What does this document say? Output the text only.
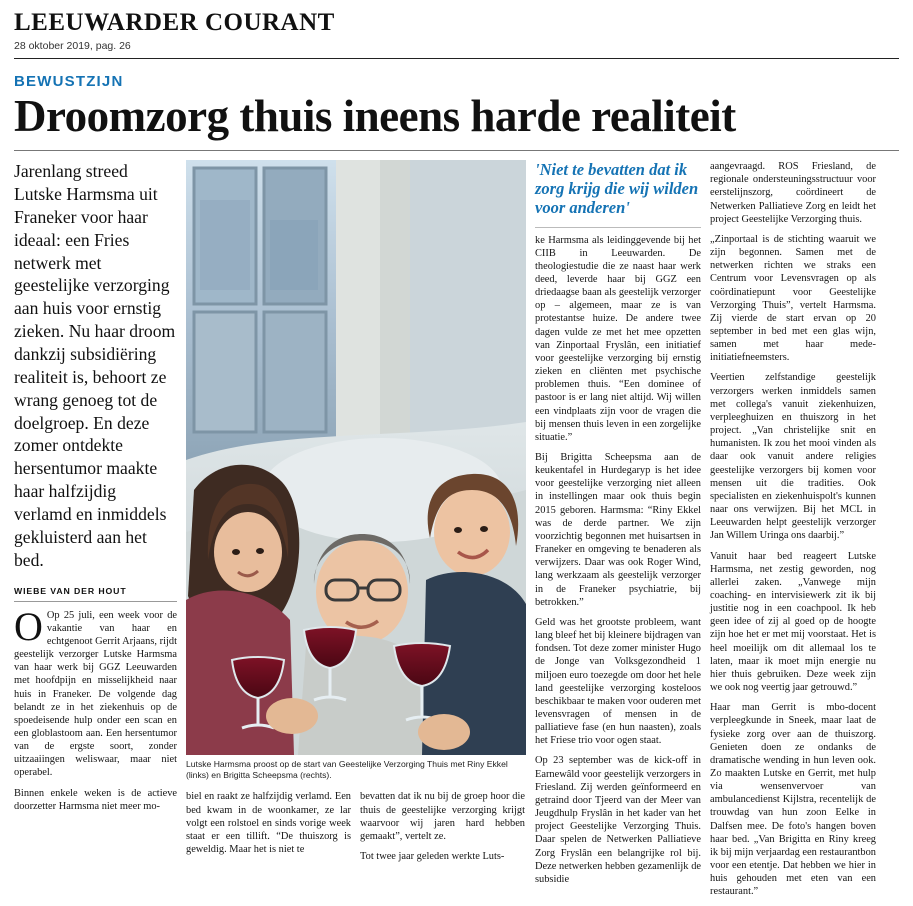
LEEUWARDER COURANT
28 oktober 2019, pag. 26
BEWUSTZIJN
Droomzorg thuis ineens harde realiteit
Jarenlang streed Lutske Harmsma uit Franeker voor haar ideaal: een Fries netwerk met geestelijke verzorging aan huis voor ernstig zieken. Nu haar droom dankzij subsidiëring realiteit is, behoort ze wrang genoeg tot de doelgroep. En deze zomer ontdekte hersentumor maakte haar halfzijdig verlamd en inmiddels gekluisterd aan het bed.
WIEBE VAN DER HOUT

O Op 25 juli, een week voor de vakantie van haar en echtgenoot Gerrit Arjaans, rijdt geestelijk verzorger Lutske Harmsma van haar werk bij GGZ Leeuwarden met hoofdpijn en misselijkheid naar huis in Franeker. De volgende dag belandt ze in het ziekenhuis op de spoedeisende hulp onder een scan en een globlastoom aan. Een hersentumor van de ergste soort, zonder uitzaaiingen weliswaar, maar niet operabel.

Binnen enkele weken is de actieve doorzetter Harmsma niet meer mo-

Lutske Harmsma proost op de start van Geestelijke Verzorging Thuis met Riny Ekkel (links) en Brigitta Scheepsma (rechts).

biel en raakt ze halfzijdig verlamd. Een bed kwam in de woonkamer, ze lar volgt een rolstoel en sinds vorige week staat er een tillift. “De thuiszorg is geweldig. Maar het is niet te

bevatten dat ik nu bij de groep hoor die thuis de geestelijke verzorging krijgt waarvoor wij jaren hard hebben gemaakt”, vertelt ze.

Tot twee jaar geleden werkte Luts-

'Niet te bevatten dat ik zorg krijg die wij wilden voor anderen'

ke Harmsma als leidinggevende bij het CIIB in Leeuwarden. De theologiestudie die ze naast haar werk deed, leverde haar bij GGZ een driedaagse baan als geestelijk verzorger op – algemeen, maar ze is van protestantse huize. De andere twee dagen vulde ze met het mee opzetten van Zinportaal Fryslân, een initiatief voor geestelijke verzorging bij ernstig zieken en cliënten met psychische problemen thuis. “Een dominee of pastoor is er lang niet altijd. Wij willen een vindplaats zijn voor de vragen die bij mensen thuis leven in een zorgelijke situatie.”

Bij Brigitta Scheepsma aan de keukentafel in Hurdegaryp is het idee voor geestelijke verzorging niet alleen in instellingen maar ook thuis begin 2015 geboren. Harmsma: “Riny Ekkel was de derde partner. We zijn voorzichtig begonnen met huisartsen in Franeker en omgeving te benaderen als verwijzers. Daar was ook Roger Wind, lang werkzaam als geestelijk verzorger in de Franeker psychiatrie, bij betrokken.”

Geld was het grootste probleem, want lang bleef het bij kleinere bijdragen van fondsen. Tot deze zomer minister Hugo de Jonge van Volksgezondheid 1 miljoen euro toezegde om door het hele land geestelijke verzorging kosteloos beschikbaar te maken voor ouderen met levensvragen of mensen in de palliatieve fase (en hun naasten), zoals het Friese trio voor ogen staat.

Op 23 september was de kick-off in Earnewâld voor geestelijk verzorgers in Friesland. Zij werden geïnformeerd en getraind door Tjeerd van der Meer van Jeugdhulp Fryslân in het kader van het project Geestelijke Verzorging Thuis. Daar spelen de Netwerken Palliatieve Zorg Fryslân een belangrijke rol bij. Deze netwerken hebben gezamenlijk de subsidie

aangevraagd. ROS Friesland, de regionale ondersteuningsstructuur voor eerstelijnszorg, coördineert de Netwerken Palliatieve Zorg en leidt het project Geestelijke Verzorging thuis.

„Zinportaal is de stichting waaruit we zijn begonnen. Samen met de netwerken richten we straks een Centrum voor Levensvragen op als coördinatiepunt voor Geestelijke Verzorging Thuis”, vertelt Harmsma. Zij vierde de start ervan op 20 september in bed met een glas wijn, samen met haar mede-initiatiefneemsters.

Veertien zelfstandige geestelijk verzorgers werken inmiddels samen met collega's vanuit ziekenhuizen, verpleeghuizen en thuiszorg in het project. „Van christelijke snit en humanisten. Ik zou het mooi vinden als daar ook vanuit andere religies geestelijke verzorgers bij komen voor mensen uit die tradities. Ook specialisten en ziekenhuispolt's kunnen naar ons verwijzen. Bij het MCL in Leeuwarden helpt geestelijk verzorger Jan Willem Uringa ons daarbij.”

Vanuit haar bed reageert Lutske Harmsma, net zestig geworden, nog allerlei zaken. „Vanwege mijn coaching- en intervisiewerk zit ik bij justitie nog in een coachpool. Ik heb geen idee of zij al goed op de hoogte zijn hoe het er met mij voorstaat. Het is heel moeilijk om dit allemaal los te laten, maar ik moet mijn energie nu hier thuis gebruiken. Deze week zijn we ook nog veertig jaar getrouwd.”

Haar man Gerrit is mbo-docent verpleegkunde in Sneek, maar laat de fysieke zorg over aan de thuiszorg. Genieten doen ze ondanks de dramatische wending in hun leven ook. Zo maakten Lutske en Gerrit, met hulp via wensenvervoer van ambulancedienst Kijlstra, recentelijk de trouwdag van hun zoon Eelke in Dalfsen mee. De foto's hangen boven haar bed. „Van Brigitta en Riny kreeg ik bij mijn verjaardag een restaurantbon voor een etentje. Dat hebben we hier in huis gehouden met eten van een restaurant.”
